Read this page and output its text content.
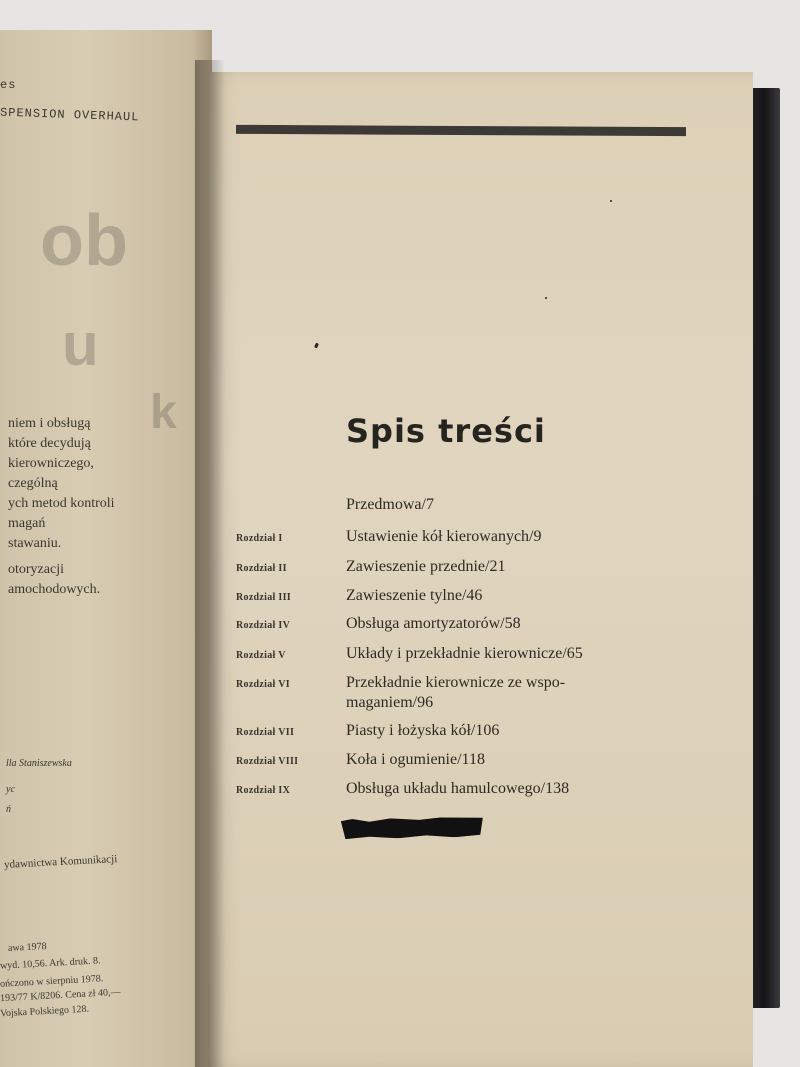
ob
u
k
es
SPENSION OVERHAUL
niem i obsługą
które decydują
kierowniczego,
czególną
ych metod kontroli
magań
stawaniu.
otoryzacji
amochodowych.
lla Staniszewska
yc
ń
ydawnictwa Komunikacji
awa 1978
wyd. 10,56. Ark. druk. 8.
ończono w sierpniu 1978.
193/77 K/8206. Cena zł 40,—
Vojska Polskiego 128.
Spis treści
Przedmowa/7
Rozdział I	Ustawienie kół kierowanych/9
Rozdział II	Zawieszenie przednie/21
Rozdział III	Zawieszenie tylne/46
Rozdział IV	Obsługa amortyzatorów/58
Rozdział V	Układy i przekładnie kierownicze/65
Rozdział VI	Przekładnie kierownicze ze wspo-
maganiem/96
Rozdział VII	Piasty i łożyska kół/106
Rozdział VIII	Koła i ogumienie/118
Rozdział IX	Obsługa układu hamulcowego/138
